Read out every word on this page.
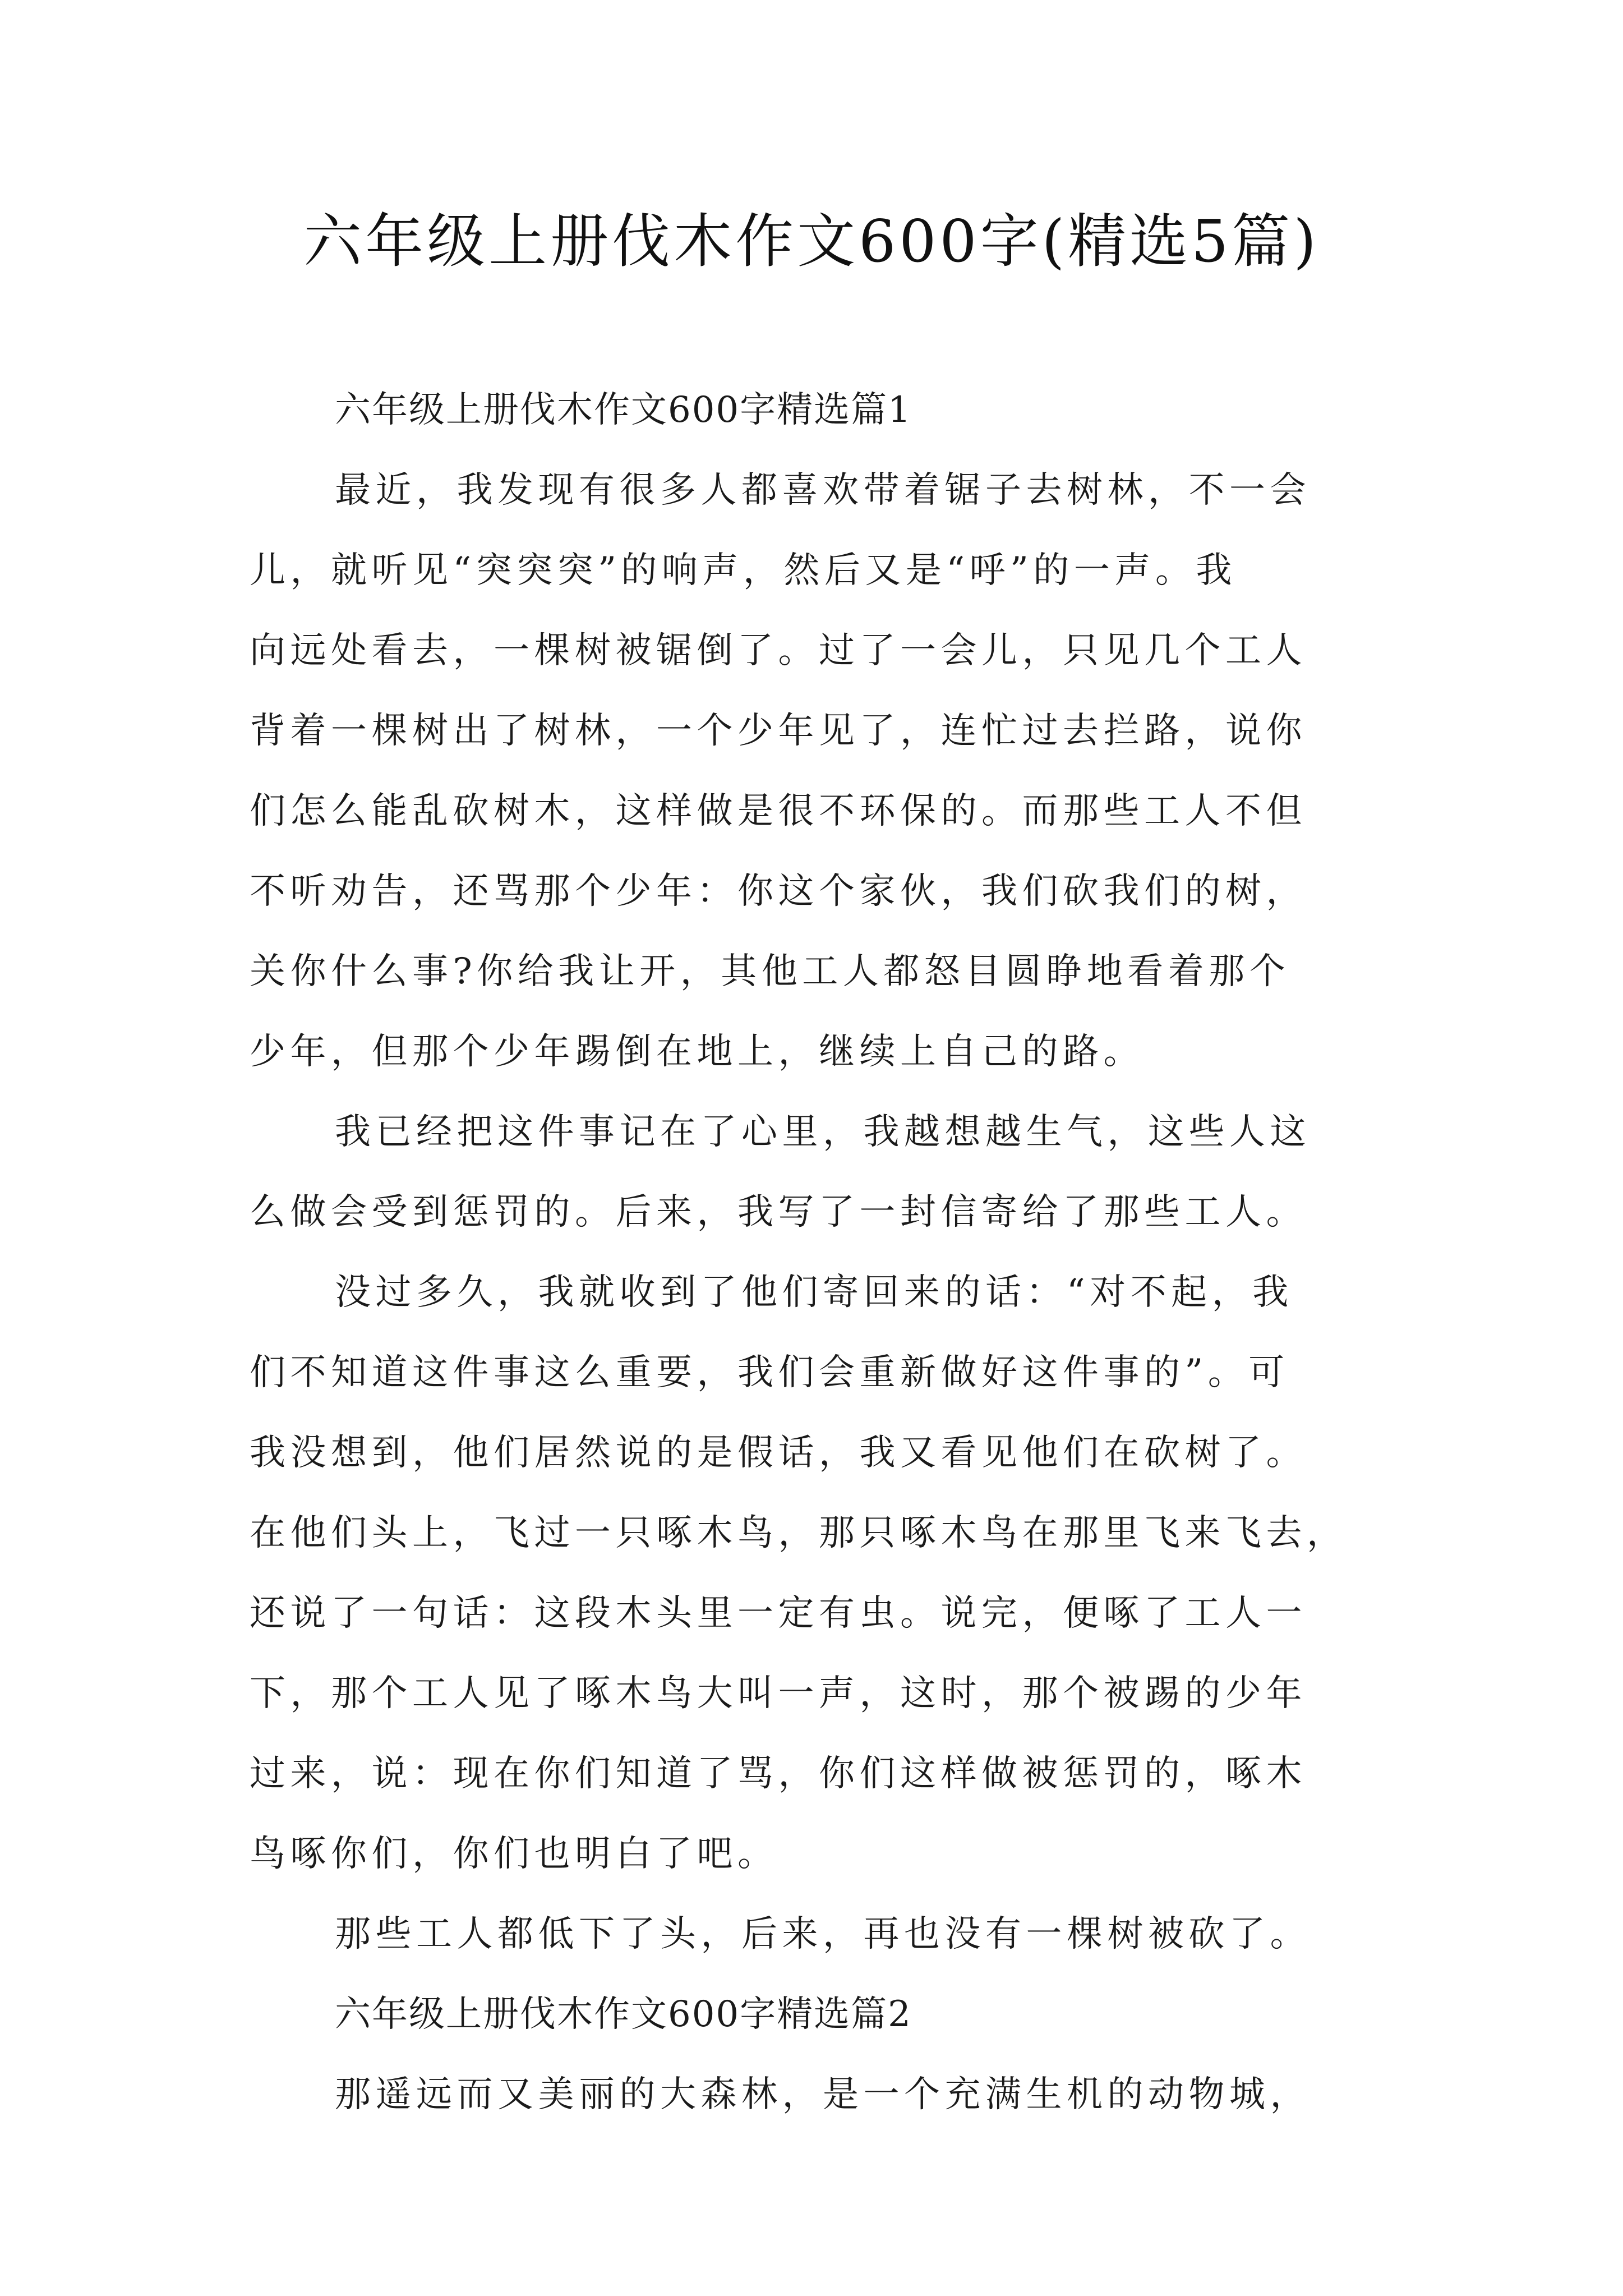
六年级上册伐木作文600字(精选5篇)
六年级上册伐木作文600字精选篇1
最近，我发现有很多人都喜欢带着锯子去树林，不一会
儿，就听见“突突突”的响声，然后又是“呼”的一声。我
向远处看去，一棵树被锯倒了。过了一会儿，只见几个工人
背着一棵树出了树林，一个少年见了，连忙过去拦路，说你
们怎么能乱砍树木，这样做是很不环保的。而那些工人不但
不听劝告，还骂那个少年：你这个家伙，我们砍我们的树，
关你什么事?你给我让开，其他工人都怒目圆睁地看着那个
少年，但那个少年踢倒在地上，继续上自己的路。
我已经把这件事记在了心里，我越想越生气，这些人这
么做会受到惩罚的。后来，我写了一封信寄给了那些工人。
没过多久，我就收到了他们寄回来的话：“对不起，我
们不知道这件事这么重要，我们会重新做好这件事的”。可
我没想到，他们居然说的是假话，我又看见他们在砍树了。
在他们头上，飞过一只啄木鸟，那只啄木鸟在那里飞来飞去，
还说了一句话：这段木头里一定有虫。说完，便啄了工人一
下，那个工人见了啄木鸟大叫一声，这时，那个被踢的少年
过来，说：现在你们知道了骂，你们这样做被惩罚的，啄木
鸟啄你们，你们也明白了吧。
那些工人都低下了头，后来，再也没有一棵树被砍了。
六年级上册伐木作文600字精选篇2
那遥远而又美丽的大森林，是一个充满生机的动物城，
